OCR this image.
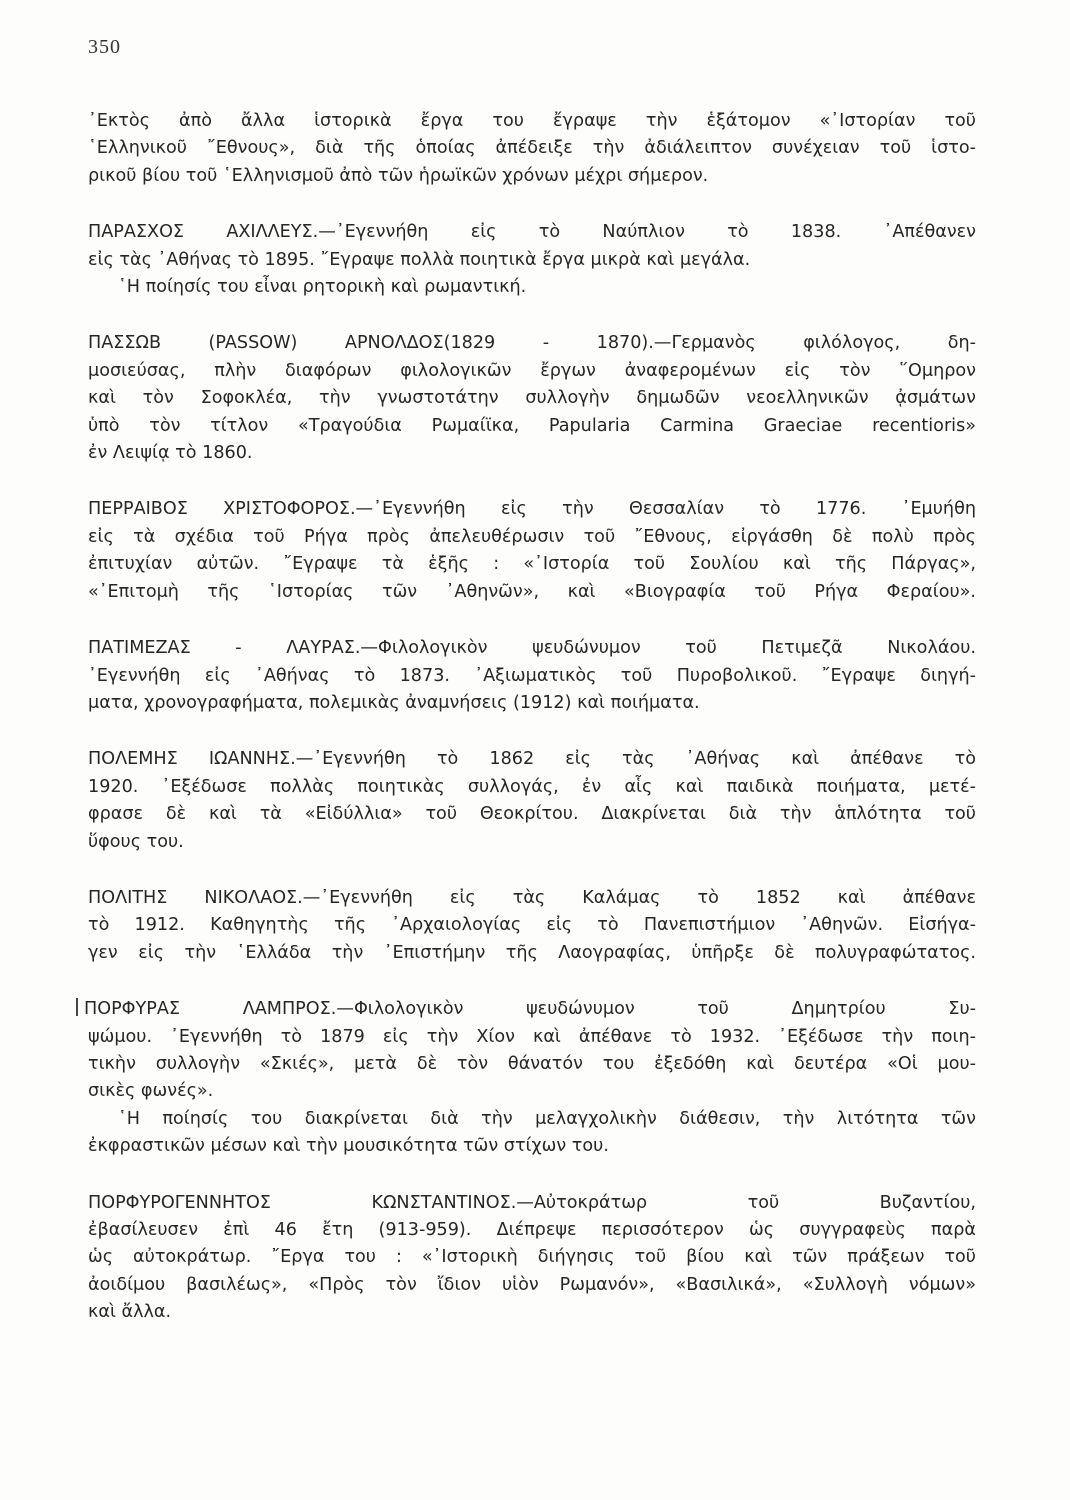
350
᾿Εκτὸς ἀπὸ ἄλλα ἱστορικὰ ἔργα του ἔγραψε τὴν ἑξάτομον «᾿Ιστορίαν τοῦ
῾Ελληνικοῦ ῎Εθνους», διὰ τῆς ὁποίας ἀπέδειξε τὴν ἀδιάλειπτον συνέχειαν τοῦ ἱστο-
ρικοῦ βίου τοῦ ῾Ελληνισμοῦ ἀπὸ τῶν ἡρωϊκῶν χρόνων μέχρι σήμερον.
ΠΑΡΑΣΧΟΣ ΑΧΙΛΛΕΥΣ.—᾿Εγεννήθη εἰς τὸ Ναύπλιον τὸ 1838. ᾿Απέθανεν
εἰς τὰς ᾿Αθήνας τὸ 1895. ῎Εγραψε πολλὰ ποιητικὰ ἔργα μικρὰ καὶ μεγάλα.
῾Η ποίησίς του εἶναι ρητορικὴ καὶ ρωμαντική.
ΠΑΣΣΩΒ (PASSOW) ΑΡΝΟΛΔΟΣ(1829 - 1870).—Γερμανὸς φιλόλογος, δη-
μοσιεύσας, πλὴν διαφόρων φιλολογικῶν ἔργων ἀναφερομένων εἰς τὸν ῞Ομηρον
καὶ τὸν Σοφοκλέα, τὴν γνωστοτάτην συλλογὴν δημωδῶν νεοελληνικῶν ᾀσμάτων
ὑπὸ τὸν τίτλον «Τραγούδια Ρωμαίϊκα, Papularia Carmina Graeciae recentioris»
ἐν Λειψίᾳ τὸ 1860.
ΠΕΡΡΑΙΒΟΣ ΧΡΙΣΤΟΦΟΡΟΣ.—᾿Εγεννήθη εἰς τὴν Θεσσαλίαν τὸ 1776. ᾿Εμυήθη
εἰς τὰ σχέδια τοῦ Ρήγα πρὸς ἀπελευθέρωσιν τοῦ ῎Εθνους, εἰργάσθη δὲ πολὺ πρὸς
ἐπιτυχίαν αὐτῶν. ῎Εγραψε τὰ ἑξῆς : «᾿Ιστορία τοῦ Σουλίου καὶ τῆς Πάργας»,
«᾿Επιτομὴ τῆς ῾Ιστορίας τῶν ᾿Αθηνῶν», καὶ «Βιογραφία τοῦ Ρήγα Φεραίου».
ΠΑΤΙΜΕΖΑΣ - ΛΑΥΡΑΣ.—Φιλολογικὸν ψευδώνυμον τοῦ Πετιμεζᾶ Νικολάου.
᾿Εγεννήθη εἰς ᾿Αθήνας τὸ 1873. ᾿Αξιωματικὸς τοῦ Πυροβολικοῦ. ῎Εγραψε διηγή-
ματα, χρονογραφήματα, πολεμικὰς ἀναμνήσεις (1912) καὶ ποιήματα.
ΠΟΛΕΜΗΣ ΙΩΑΝΝΗΣ.—᾿Εγεννήθη τὸ 1862 εἰς τὰς ᾿Αθήνας καὶ ἀπέθανε τὸ
1920. ᾿Εξέδωσε πολλὰς ποιητικὰς συλλογάς, ἐν αἷς καὶ παιδικὰ ποιήματα, μετέ-
φρασε δὲ καὶ τὰ «Εἰδύλλια» τοῦ Θεοκρίτου. Διακρίνεται διὰ τὴν ἁπλότητα τοῦ
ὕφους του.
ΠΟΛΙΤΗΣ ΝΙΚΟΛΑΟΣ.—᾿Εγεννήθη εἰς τὰς Καλάμας τὸ 1852 καὶ ἀπέθανε
τὸ 1912. Καθηγητὴς τῆς ᾿Αρχαιολογίας εἰς τὸ Πανεπιστήμιον ᾿Αθηνῶν. Εἰσήγα-
γεν εἰς τὴν ῾Ελλάδα τὴν ᾿Επιστήμην τῆς Λαογραφίας, ὑπῆρξε δὲ πολυγραφώτατος.
ΠΟΡΦΥΡΑΣ ΛΑΜΠΡΟΣ.—Φιλολογικὸν ψευδώνυμον τοῦ Δημητρίου Συ-
ψώμου. ᾿Εγεννήθη τὸ 1879 εἰς τὴν Χίον καὶ ἀπέθανε τὸ 1932. ᾿Εξέδωσε τὴν ποιη-
τικὴν συλλογὴν «Σκιές», μετὰ δὲ τὸν θάνατόν του ἐξεδόθη καὶ δευτέρα «Οἱ μου-
σικὲς φωνές».
῾Η ποίησίς του διακρίνεται διὰ τὴν μελαγχολικὴν διάθεσιν, τὴν λιτότητα τῶν
ἐκφραστικῶν μέσων καὶ τὴν μουσικότητα τῶν στίχων του.
ΠΟΡΦΥΡΟΓΕΝΝΗΤΟΣ ΚΩΝΣΤΑΝΤΙΝΟΣ.—Αὐτοκράτωρ τοῦ Βυζαντίου,
ἐβασίλευσεν ἐπὶ 46 ἔτη (913-959). Διέπρεψε περισσότερον ὡς συγγραφεὺς παρὰ
ὡς αὐτοκράτωρ. ῎Εργα του : «᾿Ιστορικὴ διήγησις τοῦ βίου καὶ τῶν πράξεων τοῦ
ἀοιδίμου βασιλέως», «Πρὸς τὸν ἴδιον υἱὸν Ρωμανόν», «Βασιλικά», «Συλλογὴ νόμων»
καὶ ἄλλα.
